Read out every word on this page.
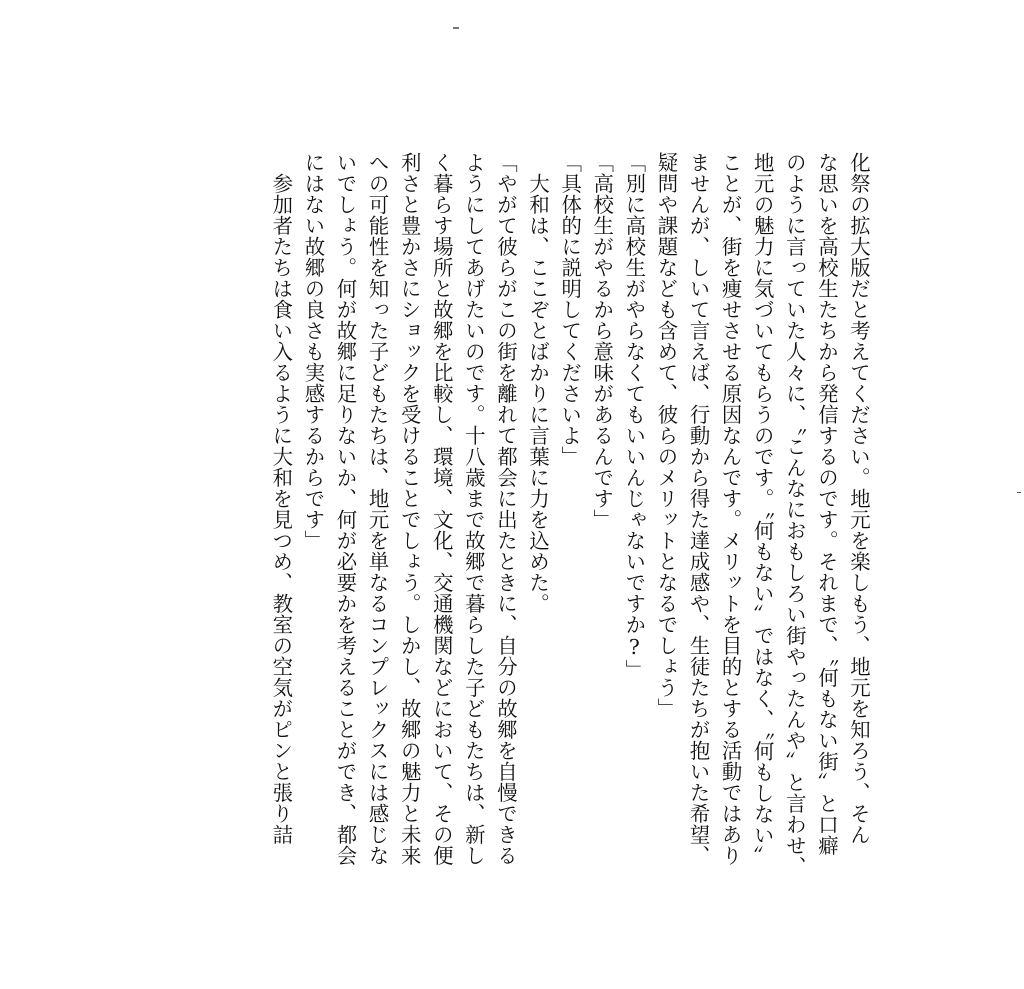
化祭の拡大版だと考えてください。地元を楽しもう、地元を知ろう、そん

な思いを高校生たちから発信するのです。それまで、〝何もない街〟と口癖

のように言っていた人々に、〝こんなにおもしろい街やったんや〟と言わせ、

地元の魅力に気づいてもらうのです。〝何もない〟ではなく、〝何もしない〟

ことが、街を痩せさせる原因なんです。メリットを目的とする活動ではあり

ませんが、しいて言えば、行動から得た達成感や、生徒たちが抱いた希望、

疑問や課題なども含めて、彼らのメリットとなるでしょう」

「別に高校生がやらなくてもいいんじゃないですか?」

「高校生がやるから意味があるんです」

「具体的に説明してくださいよ」

　大和は、ここぞとばかりに言葉に力を込めた。

「やがて彼らがこの街を離れて都会に出たときに、自分の故郷を自慢できる

ようにしてあげたいのです。十八歳まで故郷で暮らした子どもたちは、新し

く暮らす場所と故郷を比較し、環境、文化、交通機関などにおいて、その便

利さと豊かさにショックを受けることでしょう。しかし、故郷の魅力と未来

への可能性を知った子どもたちは、地元を単なるコンプレックスには感じな

いでしょう。何が故郷に足りないか、何が必要かを考えることができ、都会

にはない故郷の良さも実感するからです」

　参加者たちは食い入るように大和を見つめ、教室の空気がピンと張り詰
